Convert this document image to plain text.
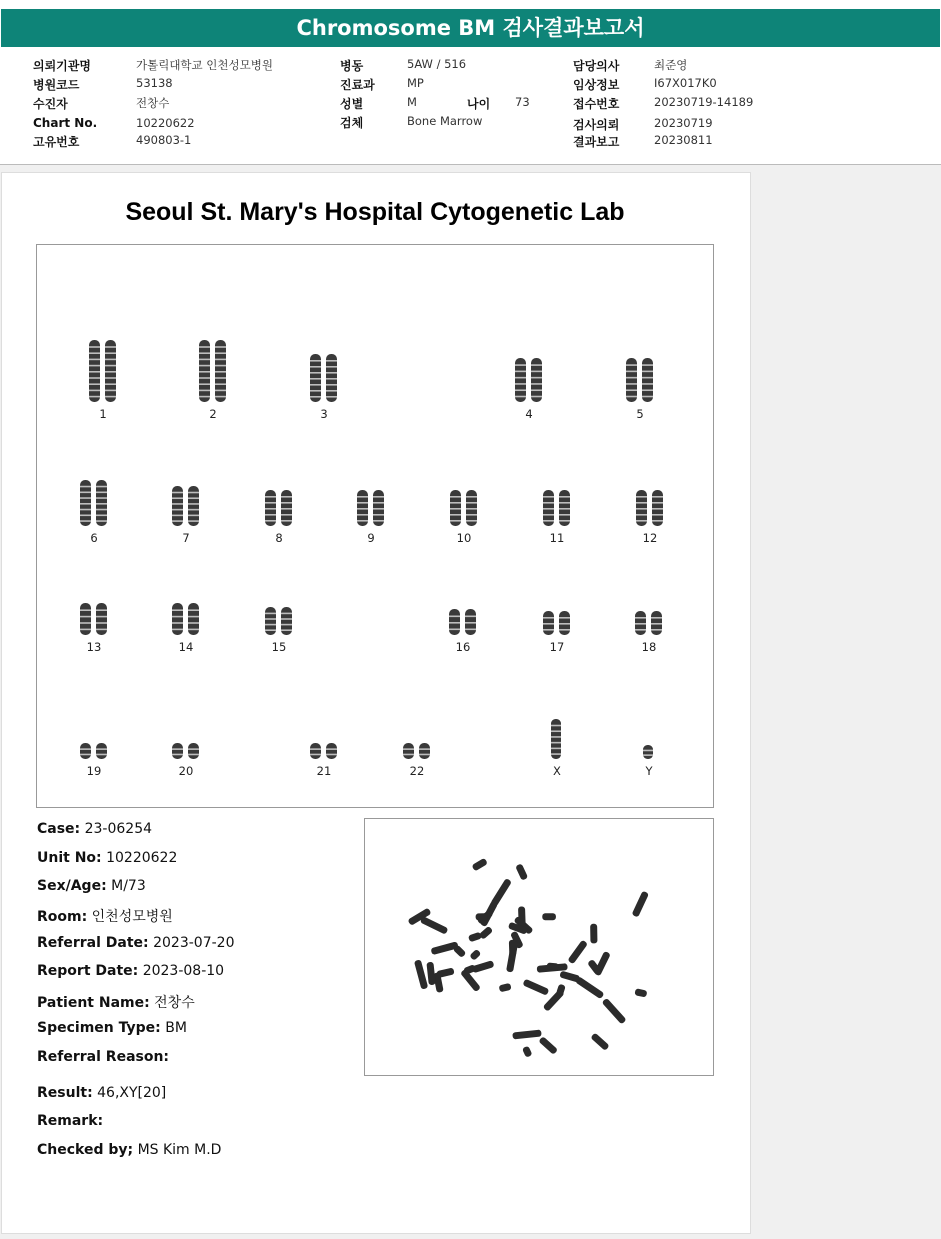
Chromosome BM 검사결과보고서
의뢰기관명	가톨릭대학교 인천성모병원
병원코드	53138
수진자	전창수
Chart No.	10220622
고유번호	490803-1
병동	5AW / 516
진료과	MP
성별	M	나이 73
검체	Bone Marrow
담당의사	최준영
임상정보	I67X017K0
접수번호	20230719-14189
검사의뢰	20230719
결과보고	20230811
Seoul St. Mary's Hospital Cytogenetic Lab
1	2	3	4	5
6	7	8	9	10	11	12
13	14	15	16	17	18
19	20	21	22	X	Y
Case: 23-06254
Unit No: 10220622
Sex/Age: M/73
Room: 인천성모병원
Referral Date: 2023-07-20
Report Date: 2023-08-10
Patient Name: 전창수
Specimen Type: BM
Referral Reason:
Result: 46,XY[20]
Remark:
Checked by; MS Kim M.D
